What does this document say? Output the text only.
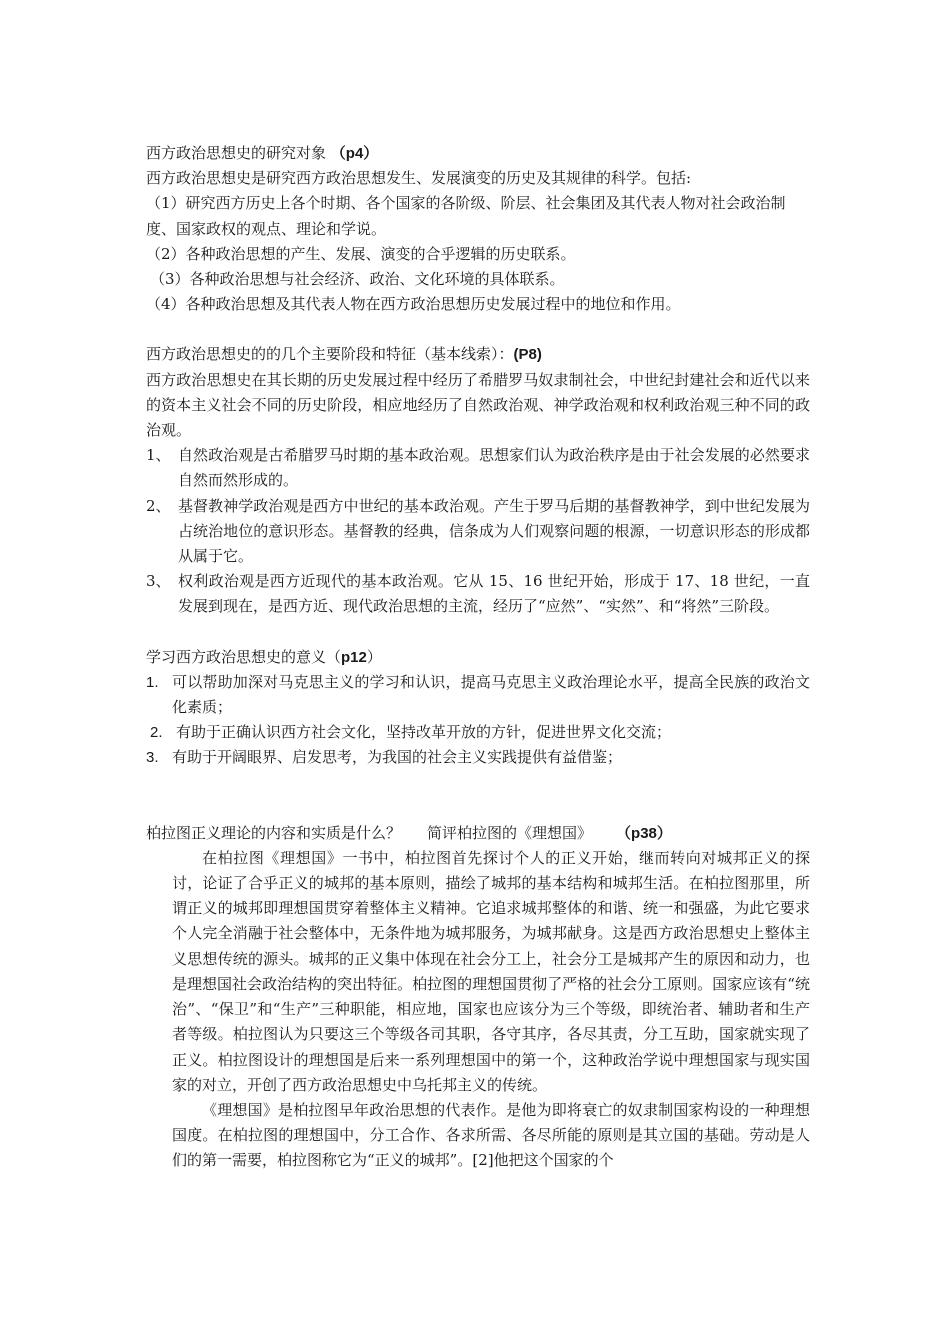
西方政治思想史的研究对象 （p4）
西方政治思想史是研究西方政治思想发生、发展演变的历史及其规律的科学。包括:
（1）研究西方历史上各个时期、各个国家的各阶级、阶层、社会集团及其代表人物对社会政治制度、国家政权的观点、理论和学说。
（2）各种政治思想的产生、发展、演变的合乎逻辑的历史联系。
（3）各种政治思想与社会经济、政治、文化环境的具体联系。
（4）各种政治思想及其代表人物在西方政治思想历史发展过程中的地位和作用。
西方政治思想史的的几个主要阶段和特征（基本线索）：(P8)
西方政治思想史在其长期的历史发展过程中经历了希腊罗马奴隶制社会，中世纪封建社会和近代以来的资本主义社会不同的历史阶段，相应地经历了自然政治观、神学政治观和权利政治观三种不同的政治观。
1、 自然政治观是古希腊罗马时期的基本政治观。思想家们认为政治秩序是由于社会发展的必然要求自然而然形成的。
2、 基督教神学政治观是西方中世纪的基本政治观。产生于罗马后期的基督教神学，到中世纪发展为占统治地位的意识形态。基督教的经典，信条成为人们观察问题的根源，一切意识形态的形成都从属于它。
3、 权利政治观是西方近现代的基本政治观。它从 15、16 世纪开始，形成于 17、18 世纪，一直发展到现在，是西方近、现代政治思想的主流，经历了“应然”、“实然”、和“将然”三阶段。
学习西方政治思想史的意义（p12）
1. 可以帮助加深对马克思主义的学习和认识，提高马克思主义政治理论水平，提高全民族的政治文化素质；
2. 有助于正确认识西方社会文化，坚持改革开放的方针，促进世界文化交流；
3. 有助于开阔眼界、启发思考，为我国的社会主义实践提供有益借鉴；
柏拉图正义理论的内容和实质是什么？ 简评柏拉图的《理想国》 （p38）

在柏拉图《理想国》一书中，柏拉图首先探讨个人的正义开始，继而转向对城邦正义的探讨，论证了合乎正义的城邦的基本原则，描绘了城邦的基本结构和城邦生活。在柏拉图那里，所谓正义的城邦即理想国贯穿着整体主义精神。它追求城邦整体的和谐、统一和强盛，为此它要求个人完全消融于社会整体中，无条件地为城邦服务，为城邦献身。这是西方政治思想史上整体主义思想传统的源头。城邦的正义集中体现在社会分工上，社会分工是城邦产生的原因和动力，也是理想国社会政治结构的突出特征。柏拉图的理想国贯彻了严格的社会分工原则。国家应该有“统治”、“保卫”和“生产”三种职能，相应地，国家也应该分为三个等级，即统治者、辅助者和生产者等级。柏拉图认为只要这三个等级各司其职，各守其序，各尽其责，分工互助，国家就实现了正义。柏拉图设计的理想国是后来一系列理想国中的第一个，这种政治学说中理想国家与现实国家的对立，开创了西方政治思想史中乌托邦主义的传统。

《理想国》是柏拉图早年政治思想的代表作。是他为即将衰亡的奴隶制国家构设的一种理想国度。在柏拉图的理想国中，分工合作、各求所需、各尽所能的原则是其立国的基础。劳动是人们的第一需要，柏拉图称它为“正义的城邦”。[2]他把这个国家的个
